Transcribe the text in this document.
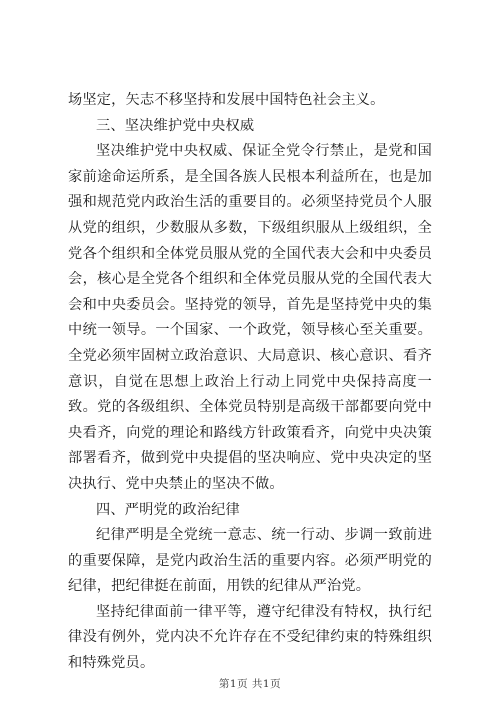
场坚定，矢志不移坚持和发展中国特色社会主义。

三、坚决维护党中央权威

坚决维护党中央权威、保证全党令行禁止，是党和国家前途命运所系，是全国各族人民根本利益所在，也是加强和规范党内政治生活的重要目的。必须坚持党员个人服从党的组织，少数服从多数，下级组织服从上级组织，全党各个组织和全体党员服从党的全国代表大会和中央委员会，核心是全党各个组织和全体党员服从党的全国代表大会和中央委员会。坚持党的领导，首先是坚持党中央的集中统一领导。一个国家、一个政党，领导核心至关重要。全党必须牢固树立政治意识、大局意识、核心意识、看齐意识，自觉在思想上政治上行动上同党中央保持高度一致。党的各级组织、全体党员特别是高级干部都要向党中央看齐，向党的理论和路线方针政策看齐，向党中央决策部署看齐，做到党中央提倡的坚决响应、党中央决定的坚决执行、党中央禁止的坚决不做。

四、严明党的政治纪律

纪律严明是全党统一意志、统一行动、步调一致前进的重要保障，是党内政治生活的重要内容。必须严明党的纪律，把纪律挺在前面，用铁的纪律从严治党。

坚持纪律面前一律平等，遵守纪律没有特权，执行纪律没有例外，党内决不允许存在不受纪律约束的特殊组织和特殊党员。

第1页 共1页
